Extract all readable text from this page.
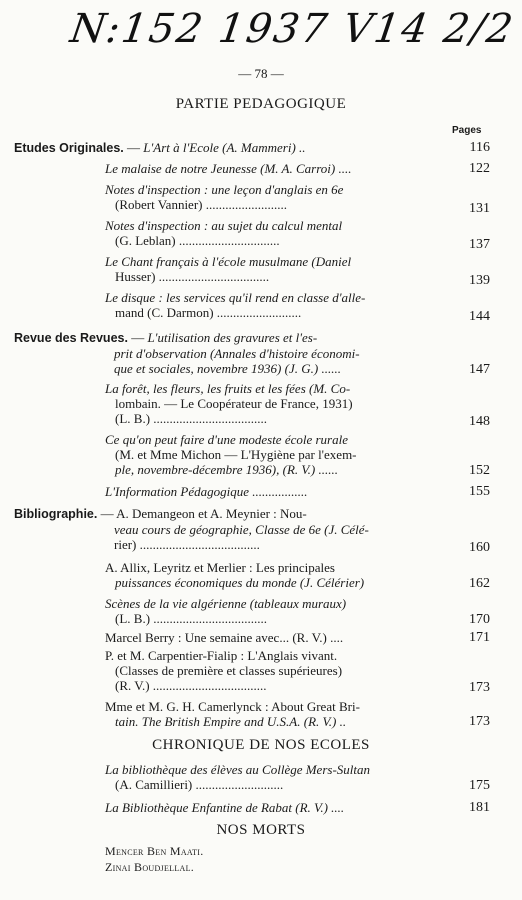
N:152 1937 V14 2/2
— 78 —
PARTIE PEDAGOGIQUE
Pages
Etudes Originales. — L'Art à l'Ecole (A. Mammeri) ..	116
Le malaise de notre Jeunesse (M. A. Carroi) ....	122
Notes d'inspection : une leçon d'anglais en 6e
(Robert Vannier) .........................	131
Notes d'inspection : au sujet du calcul mental
(G. Leblan) ...............................	137
Le Chant français à l'école musulmane (Daniel
Husser) ..................................	139
Le disque : les services qu'il rend en classe d'alle-
mand (C. Darmon) ..........................	144
Revue des Revues. — L'utilisation des gravures et l'es-
prit d'observation (Annales d'histoire économi-
que et sociales, novembre 1936) (J. G.) ......	147
La forêt, les fleurs, les fruits et les fées (M. Co-
lombain. — Le Coopérateur de France, 1931)
(L. B.) ...................................	148
Ce qu'on peut faire d'une modeste école rurale
(M. et Mme Michon — L'Hygiène par l'exem-
ple, novembre-décembre 1936), (R. V.) ......	152
L'Information Pédagogique .................	155
Bibliographie. — A. Demangeon et A. Meynier : Nou-
veau cours de géographie, Classe de 6e (J. Célé-
rier) .....................................	160
A. Allix, Leyritz et Merlier : Les principales
puissances économiques du monde (J. Célérier)	162
Scènes de la vie algérienne (tableaux muraux)
(L. B.) ...................................	170
Marcel Berry : Une semaine avec... (R. V.) ....	171
P. et M. Carpentier-Fialip : L'Anglais vivant.
(Classes de première et classes supérieures)
(R. V.) ...................................	173
Mme et M. G. H. Camerlynck : About Great Bri-
tain. The British Empire and U.S.A. (R. V.) ..	173
CHRONIQUE DE NOS ECOLES
La bibliothèque des élèves au Collège Mers-Sultan
(A. Camillieri) ...........................	175
La Bibliothèque Enfantine de Rabat (R. V.) ....	181
NOS MORTS
Mencer Ben Maati.
Zinai Boudjellal.
